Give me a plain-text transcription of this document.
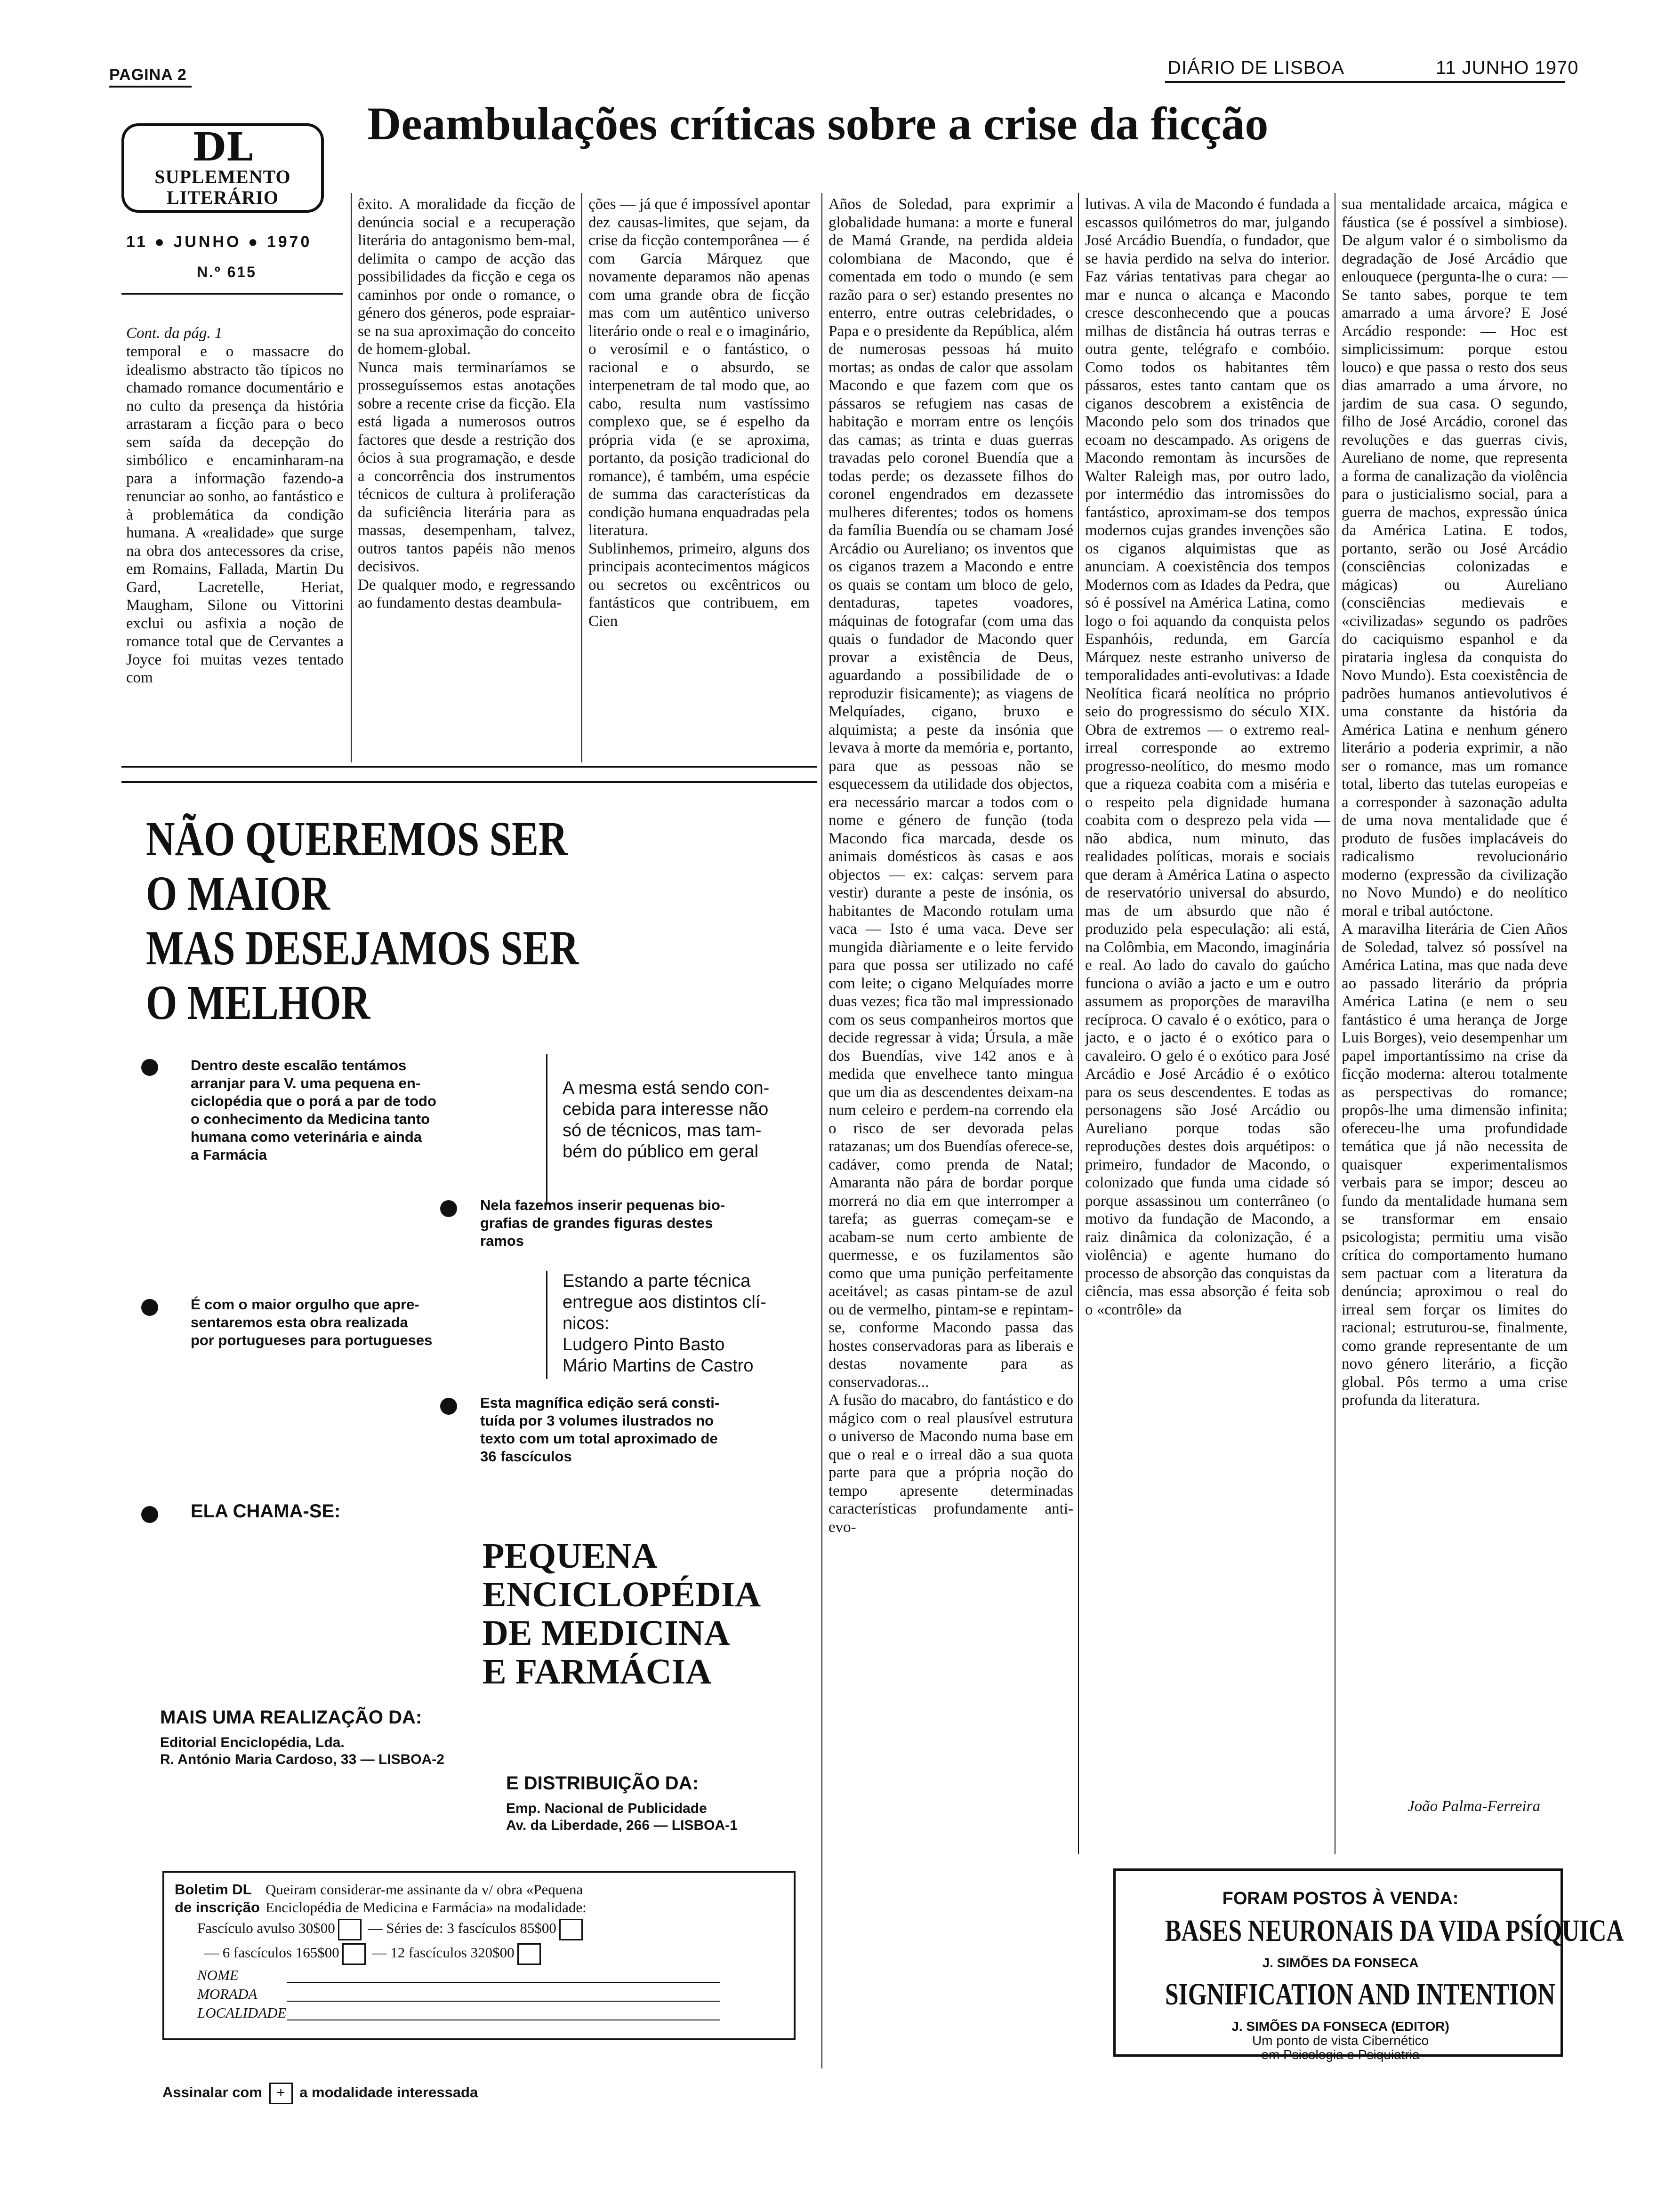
PAGINA 2	DIÁRIO DE LISBOA	11 JUNHO 1970
DL
SUPLEMENTO
LITERÁRIO
11 ● JUNHO ● 1970
N.º 615
Deambulações críticas sobre a crise da ficção
Cont. da pág. 1
temporal e o massacre do idealismo abstracto tão típicos no chamado romance documentário e no culto da presença da história arrastaram a ficção para o beco sem saída da decepção do simbólico e encaminharam-na para a informação fazendo-a renunciar ao sonho, ao fantástico e à problemática da condição humana. A «realidade» que surge na obra dos antecessores da crise, em Romains, Fallada, Martin Du Gard, Lacretelle, Heriat, Maugham, Silone ou Vittorini exclui ou asfixia a noção de romance total que de Cervantes a Joyce foi muitas vezes tentado com
êxito. A moralidade da ficção de denúncia social e a recuperação literária do antagonismo bem-mal, delimita o campo de acção das possibilidades da ficção e cega os caminhos por onde o romance, o género dos géneros, pode espraiar-se na sua aproximação do conceito de homem-global.
Nunca mais terminaríamos se prosseguíssemos estas anotações sobre a recente crise da ficção. Ela está ligada a numerosos outros factores que desde a restrição dos ócios à sua programação, e desde a concorrência dos instrumentos técnicos de cultura à proliferação da suficiência literária para as massas, desempenham, talvez, outros tantos papéis não menos decisivos.
De qualquer modo, e regressando ao fundamento destas deambula-
ções — já que é impossível apontar dez causas-limites, que sejam, da crise da ficção contemporânea — é com García Márquez que novamente deparamos não apenas com uma grande obra de ficção mas com um autêntico universo literário onde o real e o imaginário, o verosímil e o fantástico, o racional e o absurdo, se interpenetram de tal modo que, ao cabo, resulta num vastíssimo complexo que, se é espelho da própria vida (e se aproxima, portanto, da posição tradicional do romance), é também, uma espécie de summa das características da condição humana enquadradas pela literatura.
Sublinhemos, primeiro, alguns dos principais acontecimentos mágicos ou secretos ou excêntricos ou fantásticos que contribuem, em Cien
Años de Soledad, para exprimir a globalidade humana: a morte e funeral de Mamá Grande, na perdida aldeia colombiana de Macondo, que é comentada em todo o mundo (e sem razão para o ser) estando presentes no enterro, entre outras celebridades, o Papa e o presidente da República, além de numerosas pessoas há muito mortas; as ondas de calor que assolam Macondo e que fazem com que os pássaros se refugiem nas casas de habitação e morram entre os lençóis das camas; as trinta e duas guerras travadas pelo coronel Buendía que a todas perde; os dezassete filhos do coronel engendrados em dezassete mulheres diferentes; todos os homens da família Buendía ou se chamam José Arcádio ou Aureliano; os inventos que os ciganos trazem a Macondo e entre os quais se contam um bloco de gelo, dentaduras, tapetes voadores, máquinas de fotografar (com uma das quais o fundador de Macondo quer provar a existência de Deus, aguardando a possibilidade de o reproduzir fisicamente); as viagens de Melquíades, cigano, bruxo e alquimista; a peste da insónia que levava à morte da memória e, portanto, para que as pessoas não se esquecessem da utilidade dos objectos, era necessário marcar a todos com o nome e género de função (toda Macondo fica marcada, desde os animais domésticos às casas e aos objectos — ex: calças: servem para vestir) durante a peste de insónia, os habitantes de Macondo rotulam uma vaca — Isto é uma vaca. Deve ser mungida diàriamente e o leite fervido para que possa ser utilizado no café com leite; o cigano Melquíades morre duas vezes; fica tão mal impressionado com os seus companheiros mortos que decide regressar à vida; Úrsula, a mãe dos Buendías, vive 142 anos e à medida que envelhece tanto mingua que um dia as descendentes deixam-na num celeiro e perdem-na correndo ela o risco de ser devorada pelas ratazanas; um dos Buendías oferece-se, cadáver, como prenda de Natal; Amaranta não pára de bordar porque morrerá no dia em que interromper a tarefa; as guerras começam-se e acabam-se num certo ambiente de quermesse, e os fuzilamentos são como que uma punição perfeitamente aceitável; as casas pintam-se de azul ou de vermelho, pintam-se e repintam-se, conforme Macondo passa das hostes conservadoras para as liberais e destas novamente para as conservadoras...
A fusão do macabro, do fantástico e do mágico com o real plausível estrutura o universo de Macondo numa base em que o real e o irreal dão a sua quota parte para que a própria noção do tempo apresente determinadas características profundamente anti-evo-
lutivas. A vila de Macondo é fundada a escassos quilómetros do mar, julgando José Arcádio Buendía, o fundador, que se havia perdido na selva do interior. Faz várias tentativas para chegar ao mar e nunca o alcança e Macondo cresce desconhecendo que a poucas milhas de distância há outras terras e outra gente, telégrafo e combóio. Como todos os habitantes têm pássaros, estes tanto cantam que os ciganos descobrem a existência de Macondo pelo som dos trinados que ecoam no descampado. As origens de Macondo remontam às incursões de Walter Raleigh mas, por outro lado, por intermédio das intromissões do fantástico, aproximam-se dos tempos modernos cujas grandes invenções são os ciganos alquimistas que as anunciam. A coexistência dos tempos Modernos com as Idades da Pedra, que só é possível na América Latina, como logo o foi aquando da conquista pelos Espanhóis, redunda, em García Márquez neste estranho universo de temporalidades anti-evolutivas: a Idade Neolítica ficará neolítica no próprio seio do progressismo do século XIX. Obra de extremos — o extremo real-irreal corresponde ao extremo progresso-neolítico, do mesmo modo que a riqueza coabita com a miséria e o respeito pela dignidade humana coabita com o desprezo pela vida — não abdica, num minuto, das realidades políticas, morais e sociais que deram à América Latina o aspecto de reservatório universal do absurdo, mas de um absurdo que não é produzido pela especulação: ali está, na Colômbia, em Macondo, imaginária e real. Ao lado do cavalo do gaúcho funciona o avião a jacto e um e outro assumem as proporções de maravilha recíproca. O cavalo é o exótico, para o jacto, e o jacto é o exótico para o cavaleiro. O gelo é o exótico para José Arcádio e José Arcádio é o exótico para os seus descendentes. E todas as personagens são José Arcádio ou Aureliano porque todas são reproduções destes dois arquétipos: o primeiro, fundador de Macondo, o colonizado que funda uma cidade só porque assassinou um conterrâneo (o motivo da fundação de Macondo, a raiz dinâmica da colonização, é a violência) e agente humano do processo de absorção das conquistas da ciência, mas essa absorção é feita sob o «contrôle» da
sua mentalidade arcaica, mágica e fáustica (se é possível a simbiose). De algum valor é o simbolismo da degradação de José Arcádio que enlouquece (pergunta-lhe o cura: — Se tanto sabes, porque te tem amarrado a uma árvore? E José Arcádio responde: — Hoc est simplicissimum: porque estou louco) e que passa o resto dos seus dias amarrado a uma árvore, no jardim de sua casa. O segundo, filho de José Arcádio, coronel das revoluções e das guerras civis, Aureliano de nome, que representa a forma de canalização da violência para o justicialismo social, para a guerra de machos, expressão única da América Latina. E todos, portanto, serão ou José Arcádio (consciências colonizadas e mágicas) ou Aureliano (consciências medievais e «civilizadas» segundo os padrões do caciquismo espanhol e da pirataria inglesa da conquista do Novo Mundo). Esta coexistência de padrões humanos antievolutivos é uma constante da história da América Latina e nenhum género literário a poderia exprimir, a não ser o romance, mas um romance total, liberto das tutelas europeias e a corresponder à sazonação adulta de uma nova mentalidade que é produto de fusões implacáveis do radicalismo revolucionário moderno (expressão da civilização no Novo Mundo) e do neolítico moral e tribal autóctone.
A maravilha literária de Cien Años de Soledad, talvez só possível na América Latina, mas que nada deve ao passado literário da própria América Latina (e nem o seu fantástico é uma herança de Jorge Luis Borges), veio desempenhar um papel importantíssimo na crise da ficção moderna: alterou totalmente as perspectivas do romance; propôs-lhe uma dimensão infinita; ofereceu-lhe uma profundidade temática que já não necessita de quaisquer experimentalismos verbais para se impor; desceu ao fundo da mentalidade humana sem se transformar em ensaio psicologista; permitiu uma visão crítica do comportamento humano sem pactuar com a literatura da denúncia; aproximou o real do irreal sem forçar os limites do racional; estruturou-se, finalmente, como grande representante de um novo género literário, a ficção global. Pôs termo a uma crise profunda da literatura.
João Palma-Ferreira
NÃO QUEREMOS SER
O MAIOR
MAS DESEJAMOS SER
O MELHOR
Dentro deste escalão tentámos
arranjar para V. uma pequena en-
ciclopédia que o porá a par de todo
o conhecimento da Medicina tanto
humana como veterinária e ainda
a Farmácia
A mesma está sendo con-
cebida para interesse não
só de técnicos, mas tam-
bém do público em geral
Nela fazemos inserir pequenas bio-
grafias de grandes figuras destes
ramos
É com o maior orgulho que apre-
sentaremos esta obra realizada
por portugueses para portugueses
Estando a parte técnica
entregue aos distintos clí-
nicos:
Ludgero Pinto Basto
Mário Martins de Castro
Esta magnífica edição será consti-
tuída por 3 volumes ilustrados no
texto com um total aproximado de
36 fascículos
ELA CHAMA-SE:
PEQUENA
ENCICLOPÉDIA
DE MEDICINA
E FARMÁCIA
MAIS UMA REALIZAÇÃO DA:
Editorial Enciclopédia, Lda.
R. António Maria Cardoso, 33 — LISBOA-2
E DISTRIBUIÇÃO DA:
Emp. Nacional de Publicidade
Av. da Liberdade, 266 — LISBOA-1
Boletim DL
de inscrição
Queiram considerar-me assinante da v/ obra «Pequena
Enciclopédia de Medicina e Farmácia» na modalidade:
Fascículo avulso 30$00 — Séries de: 3 fascículos 85$00
— 6 fascículos 165$00 — 12 fascículos 320$00
NOME
MORADA
LOCALIDADE
Assinalar com + a modalidade interessada
FORAM POSTOS À VENDA:
BASES NEURONAIS DA VIDA PSÍQUICA
J. SIMÕES DA FONSECA
SIGNIFICATION AND INTENTION
J. SIMÕES DA FONSECA (EDITOR)
Um ponto de vista Cibernético
em Psicologia e Psiquiatria
